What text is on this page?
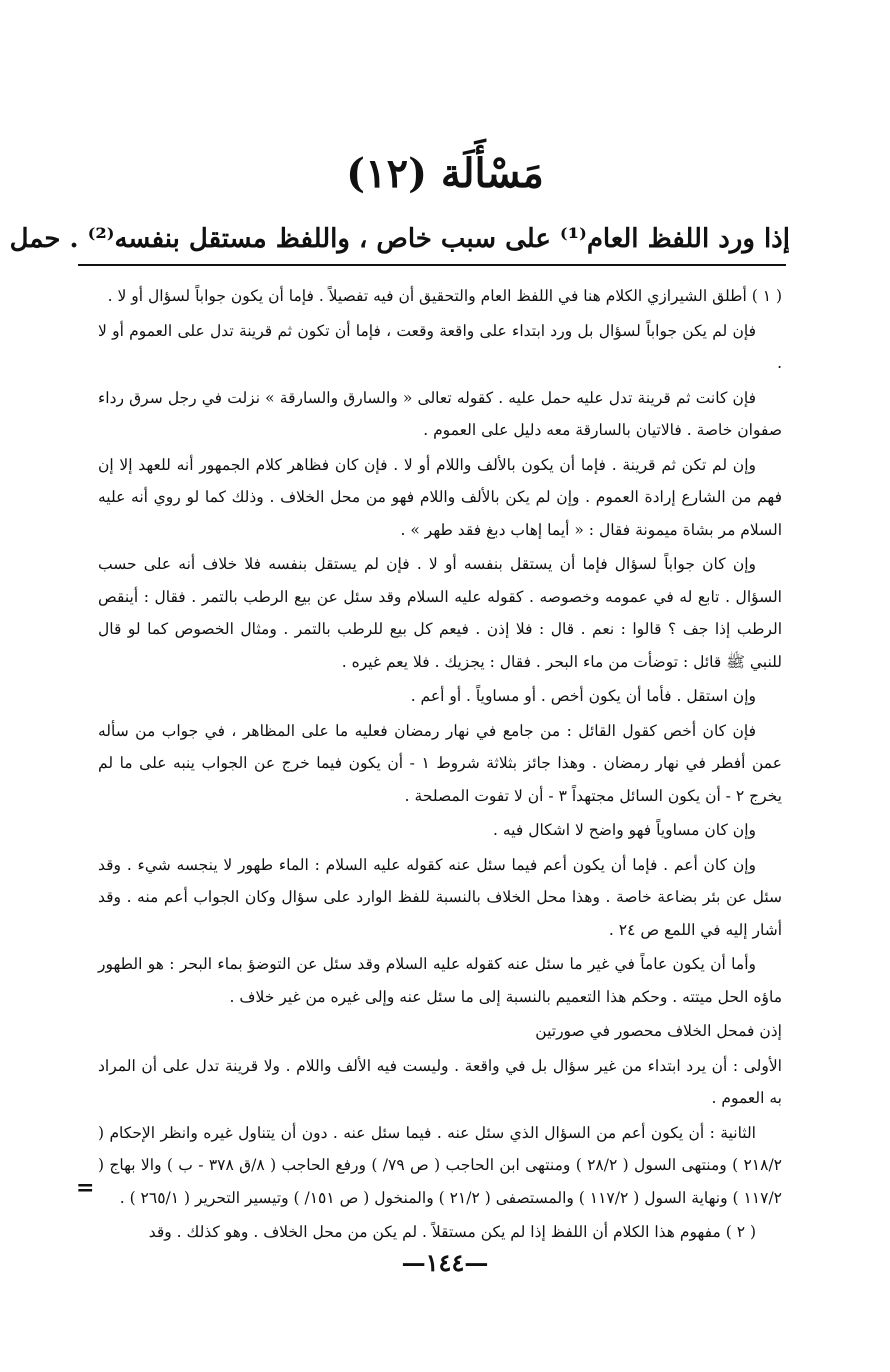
مَسْأَلَة (١٢)
إذا ورد اللفظ العام⁽¹⁾ على سبب خاص ، واللفظ مستقل بنفسه⁽²⁾ . حمل

( ١ ) أطلق الشيرازي الكلام هنا في اللفظ العام والتحقيق أن فيه تفصيلاً . فإما أن يكون جواباً لسؤال أو لا .

فإن لم يكن جواباً لسؤال بل ورد ابتداء على واقعة وقعت ، فإما أن تكون ثم قرينة تدل على العموم أو لا .

فإن كانت ثم قرينة تدل عليه حمل عليه . كقوله تعالى « والسارق والسارقة » نزلت في رجل سرق رداء صفوان خاصة . فالاتيان بالسارقة معه دليل على العموم .

وإن لم تكن ثم قرينة . فإما أن يكون بالألف واللام أو لا . فإن كان فظاهر كلام الجمهور أنه للعهد إلا إن فهم من الشارع إرادة العموم . وإن لم يكن بالألف واللام فهو من محل الخلاف . وذلك كما لو روي أنه عليه السلام مر بشاة ميمونة فقال : « أيما إهاب دبغ فقد طهر » .

وإن كان جواباً لسؤال فإما أن يستقل بنفسه أو لا . فإن لم يستقل بنفسه فلا خلاف أنه على حسب السؤال . تابع له في عمومه وخصوصه . كقوله عليه السلام وقد سئل عن بيع الرطب بالتمر . فقال : أينقص الرطب إذا جف ؟ قالوا : نعم . قال : فلا إذن . فيعم كل بيع للرطب بالتمر . ومثال الخصوص كما لو قال للنبي ﷺ قائل : توضأت من ماء البحر . فقال : يجزيك . فلا يعم غيره .

وإن استقل . فأما أن يكون أخص . أو مساوياً . أو أعم .

فإن كان أخص كقول القائل : من جامع في نهار رمضان فعليه ما على المظاهر ، في جواب من سأله عمن أفطر في نهار رمضان . وهذا جائز بثلاثة شروط ١ - أن يكون فيما خرج عن الجواب ينبه على ما لم يخرج ٢ - أن يكون السائل مجتهداً ٣ - أن لا تفوت المصلحة .

وإن كان مساوياً فهو واضح لا اشكال فيه .

وإن كان أعم . فإما أن يكون أعم فيما سئل عنه كقوله عليه السلام : الماء طهور لا ينجسه شيء . وقد سئل عن بئر بضاعة خاصة . وهذا محل الخلاف بالنسبة للفظ الوارد على سؤال وكان الجواب أعم منه . وقد أشار إليه في اللمع ص ٢٤ .

وأما أن يكون عاماً في غير ما سئل عنه كقوله عليه السلام وقد سئل عن التوضؤ بماء البحر : هو الطهور ماؤه الحل ميتته . وحكم هذا التعميم بالنسبة إلى ما سئل عنه وإلى غيره من غير خلاف .

إذن فمحل الخلاف محصور في صورتين

الأولى : أن يرد ابتداء من غير سؤال بل في واقعة . وليست فيه الألف واللام . ولا قرينة تدل على أن المراد به العموم .

الثانية : أن يكون أعم من السؤال الذي سئل عنه . فيما سئل عنه . دون أن يتناول غيره وانظر الإحكام ( ٢١٨/٢ ) ومنتهى السول ( ٢٨/٢ ) ومنتهى ابن الحاجب ( ص ٧٩/ ) ورفع الحاجب ( ٨/ق ٣٧٨ - ب ) والا بهاج ( ١١٧/٢ ) ونهاية السول ( ١١٧/٢ ) والمستصفى ( ٢١/٢ ) والمنخول ( ص ١٥١/ ) وتيسير التحرير ( ٢٦٥/١ ) .

( ٢ ) مفهوم هذا الكلام أن اللفظ إذا لم يكن مستقلاً . لم يكن من محل الخلاف . وهو كذلك . وقد

=
—١٤٤—
